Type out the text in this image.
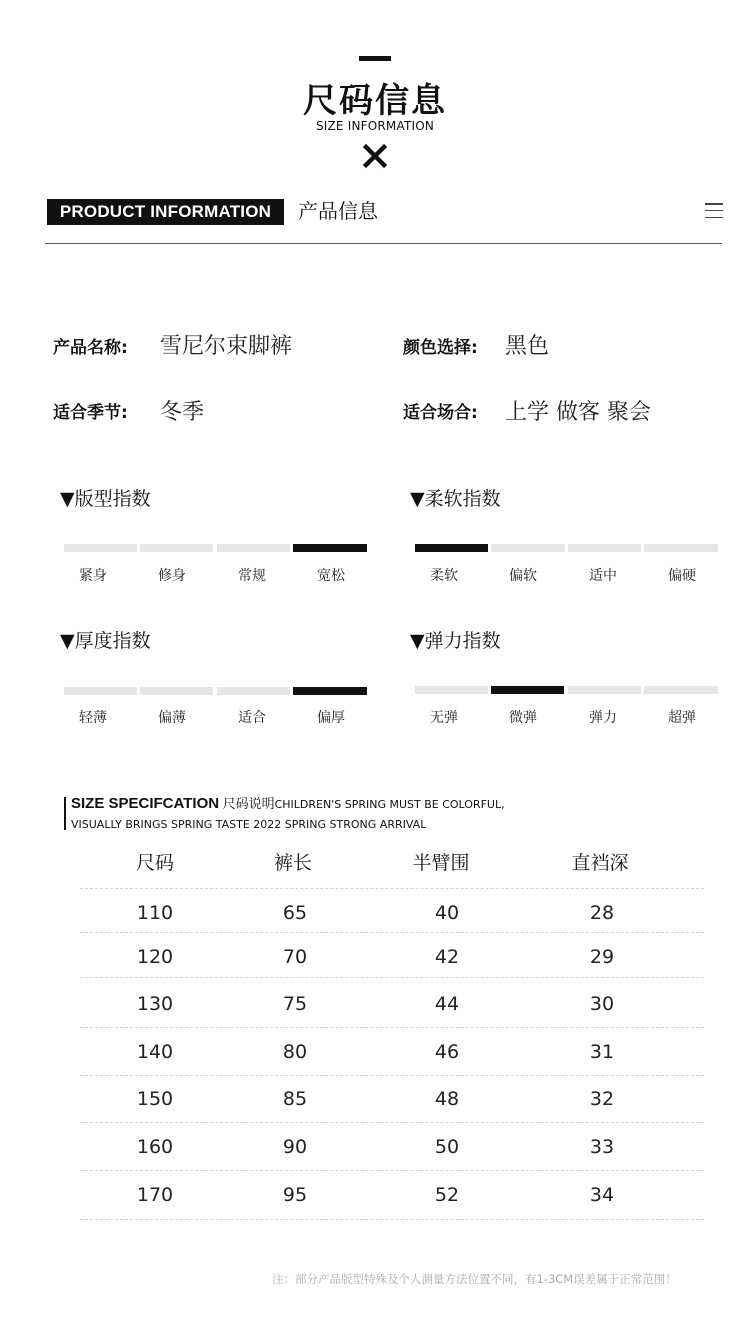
尺码信息
SIZE INFORMATION
PRODUCT INFORMATION	产品信息
产品名称: 雪尼尔束脚裤	颜色选择: 黑色
适合季节: 冬季	适合场合: 上学 做客 聚会
▼版型指数
紧身	修身	常规	宽松
▼柔软指数
柔软	偏软	适中	偏硬
▼厚度指数
轻薄	偏薄	适合	偏厚
▼弹力指数
无弹	微弹	弹力	超弹
SIZE SPECIFCATION 尺码说明CHILDREN'S SPRING MUST BE COLORFUL,
VISUALLY BRINGS SPRING TASTE 2022 SPRING STRONG ARRIVAL
尺码	裤长	半臂围	直裆深
110	65	40	28
120	70	42	29
130	75	44	30
140	80	46	31
150	85	48	32
160	90	50	33
170	95	52	34
注：部分产品版型特殊及个人测量方法位置不同，有1-3CM误差属于正常范围！
